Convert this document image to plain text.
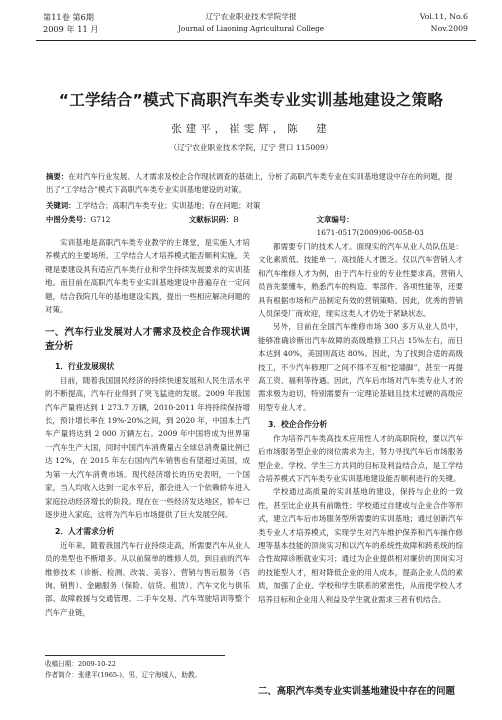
第11卷 第6期
2009 年 11 月
辽宁农业职业技术学院学报
Journal of Liaoning Agricultural College
Vol.11, No.6
Nov.2009
“工学结合”模式下高职汽车类专业实训基地建设之策略
张建平，崔雯辉，陈　建
（辽宁农业职业技术学院，辽宁 营口 115009）
摘要：在对汽车行业发展、人才需求及校企合作现状调查的基础上，分析了高职汽车类专业在实训基地建设中存在的问题，提出了“工学结合”模式下高职汽车类专业实训基地建设的对策。
关键词：工学结合；高职汽车类专业；实训基地；存在问题；对策
中图分类号：G712	文献标识码：B	文章编号：1671-0517(2009)06-0058-03

实训基地是高职汽车类专业教学的主课堂，是实施人才培养模式的主要场所。工学结合人才培养模式能否顺利实施，关键是要建设具有适应汽车类行业和学生持续发展要求的实训基地。而目前在高职汽车类专业实训基地建设中普遍存在一定问题，结合我院几年的基地建设实践，提出一些相应解决问题的对策。

一、汽车行业发展对人才需求及校企合作现状调查分析
1．行业发展现状

目前，随着我国国民经济的持续快速发展和人民生活水平的不断提高，汽车行业得到了突飞猛进的发展。2009 年我国汽车产量将达到 1 273.7 万辆，2010-2011 年将持续保持增长，预计增长率在 19%-20%之间，到 2020 年，中国本土汽车产量将达到 2 000 万辆左右。2009 年中国将成为世界第一汽车生产大国，同时中国汽车消费量占全球总消费量比例已达 12%，在 2015 年左右国内汽车销售也有望超过美国，成为第一大汽车消费市场。现代经济增长的历史表明，一个国家，当人均收入达到一定水平后，都会进入一个依赖轿车进入家庭拉动经济增长的阶段。现在在一些经济发达地区，轿车已逐步进入家庭，这将为汽车后市场提供了巨大发展空间。

2．人才需求分析

近年来，随着我国汽车行业持续走高，所需要汽车从业人员的类型也不断增多。从以前简单的维修人员，到目前的汽车维修技术（诊断、检测、改装、美容）、营销与售后服务（咨询、销售）、金融服务（保险、信贷、租赁）、汽车文化与俱乐部、故障救援与交通管理、二手车交易、汽车驾驶培训等整个汽车产业链，

收稿日期：2009-10-22
作者简介：张建平(1965-)，男，辽宁海城人，助教。

都需要专门的技术人才。面现实的汽车从业人员队伍是：文化素质低、技能单一、高技能人才匮乏。仅以汽车营销人才和汽车维修人才为例，由于汽车行业的专业性要求高，营销人员首先要懂车，熟悉汽车的构造、零部件、各项性能等，还要具有根据市场和产品制定有效的营销策略。因此，优秀的营销人员深受厂商欢迎，现实这类人才仍处于紧缺状态。

另外，目前在全国汽车维修市场 300 多万从业人员中，能够准确诊断出汽车故障的高级维修工只占 15%左右，而日本达到 40%，美国则高达 80%。因此，为了找到合适的高级技工，不少汽车修理厂之间不得不互相“挖墙脚”，甚至一再提高工资、福利等待遇。因此，汽车后市场对汽车类专业人才的需求极为迫切，特别需要有一定理论基础且技术过硬的高级应用型专业人才。

3．校企合作分析

作为培养汽车类高技术应用性人才的高职院校，要以汽车后市场服务型企业的岗位需求为主，努力寻找汽车后市场服务型企业、学校、学生三方共同的目标及利益结合点，是工学结合培养模式下汽车类专业实训基地建设能否顺利进行的关键。

学校通过高质量的实训基地的建设，保持与企业的一致性，甚至比企业具有前瞻性；学校通过自建或与企业合作等形式，建立汽车后市场服务型所需要的实训基地；通过创新汽车类专业人才培养模式，实现学生对汽车维护保养和汽车操作修理等基本技能的顶岗实习和以汽车的系统性故障和跨系统的综合性故障诊断就业实习；通过为企业提供相对廉价的顶岗实习的技能型人才，相对降低企业的用人成本，提高企业人员的素质，加强了企业、学校和学生联系的紧密性，从而使学校人才培养目标和企业用人利益及学生就业需求三者有机结合。

二、高职汽车类专业实训基地建设中存在的问题
